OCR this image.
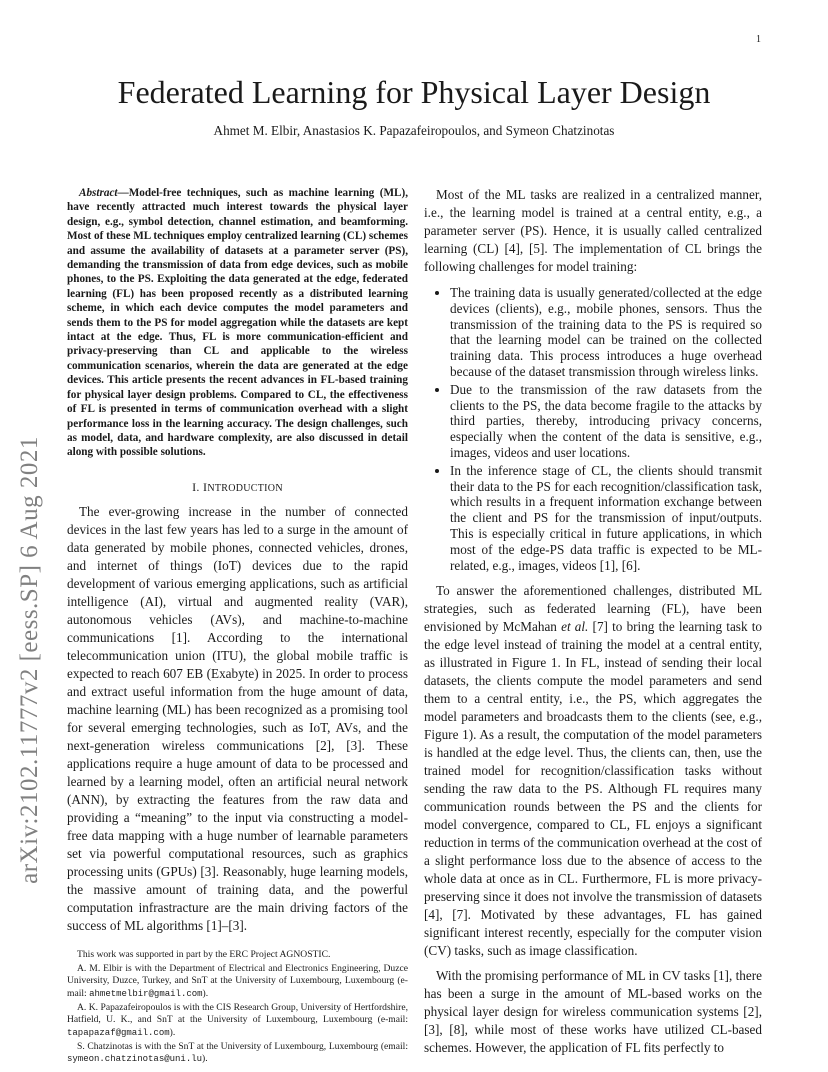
1
arXiv:2102.11777v2 [eess.SP] 6 Aug 2021
Federated Learning for Physical Layer Design
Ahmet M. Elbir, Anastasios K. Papazafeiropoulos, and Symeon Chatzinotas

Abstract—Model-free techniques, such as machine learning (ML), have recently attracted much interest towards the physical layer design, e.g., symbol detection, channel estimation, and beamforming. Most of these ML techniques employ centralized learning (CL) schemes and assume the availability of datasets at a parameter server (PS), demanding the transmission of data from edge devices, such as mobile phones, to the PS. Exploiting the data generated at the edge, federated learning (FL) has been proposed recently as a distributed learning scheme, in which each device computes the model parameters and sends them to the PS for model aggregation while the datasets are kept intact at the edge. Thus, FL is more communication-efficient and privacy-preserving than CL and applicable to the wireless communication scenarios, wherein the data are generated at the edge devices. This article presents the recent advances in FL-based training for physical layer design problems. Compared to CL, the effectiveness of FL is presented in terms of communication overhead with a slight performance loss in the learning accuracy. The design challenges, such as model, data, and hardware complexity, are also discussed in detail along with possible solutions.

I. INTRODUCTION

The ever-growing increase in the number of connected devices in the last few years has led to a surge in the amount of data generated by mobile phones, connected vehicles, drones, and internet of things (IoT) devices due to the rapid development of various emerging applications, such as artificial intelligence (AI), virtual and augmented reality (VAR), autonomous vehicles (AVs), and machine-to-machine communications [1]. According to the international telecommunication union (ITU), the global mobile traffic is expected to reach 607 EB (Exabyte) in 2025. In order to process and extract useful information from the huge amount of data, machine learning (ML) has been recognized as a promising tool for several emerging technologies, such as IoT, AVs, and the next-generation wireless communications [2], [3]. These applications require a huge amount of data to be processed and learned by a learning model, often an artificial neural network (ANN), by extracting the features from the raw data and providing a “meaning” to the input via constructing a model-free data mapping with a huge number of learnable parameters set via powerful computational resources, such as graphics processing units (GPUs) [3]. Reasonably, huge learning models, the massive amount of training data, and the powerful computation infrastracture are the main driving factors of the success of ML algorithms [1]–[3].

This work was supported in part by the ERC Project AGNOSTIC.

A. M. Elbir is with the Department of Electrical and Electronics Engineering, Duzce University, Duzce, Turkey, and SnT at the University of Luxembourg, Luxembourg (e-mail: ahmetmelbir@gmail.com).

A. K. Papazafeiropoulos is with the CIS Research Group, University of Hertfordshire, Hatfield, U. K., and SnT at the University of Luxembourg, Luxembourg (e-mail: tapapazaf@gmail.com).

S. Chatzinotas is with the SnT at the University of Luxembourg, Luxembourg (email: symeon.chatzinotas@uni.lu).

Most of the ML tasks are realized in a centralized manner, i.e., the learning model is trained at a central entity, e.g., a parameter server (PS). Hence, it is usually called centralized learning (CL) [4], [5]. The implementation of CL brings the following challenges for model training:

• The training data is usually generated/collected at the edge devices (clients), e.g., mobile phones, sensors. Thus the transmission of the training data to the PS is required so that the learning model can be trained on the collected training data. This process introduces a huge overhead because of the dataset transmission through wireless links.
• Due to the transmission of the raw datasets from the clients to the PS, the data become fragile to the attacks by third parties, thereby, introducing privacy concerns, especially when the content of the data is sensitive, e.g., images, videos and user locations.
• In the inference stage of CL, the clients should transmit their data to the PS for each recognition/classification task, which results in a frequent information exchange between the client and PS for the transmission of input/outputs. This is especially critical in future applications, in which most of the edge-PS data traffic is expected to be ML-related, e.g., images, videos [1], [6].

To answer the aforementioned challenges, distributed ML strategies, such as federated learning (FL), have been envisioned by McMahan et al. [7] to bring the learning task to the edge level instead of training the model at a central entity, as illustrated in Figure 1. In FL, instead of sending their local datasets, the clients compute the model parameters and send them to a central entity, i.e., the PS, which aggregates the model parameters and broadcasts them to the clients (see, e.g., Figure 1). As a result, the computation of the model parameters is handled at the edge level. Thus, the clients can, then, use the trained model for recognition/classification tasks without sending the raw data to the PS. Although FL requires many communication rounds between the PS and the clients for model convergence, compared to CL, FL enjoys a significant reduction in terms of the communication overhead at the cost of a slight performance loss due to the absence of access to the whole data at once as in CL. Furthermore, FL is more privacy-preserving since it does not involve the transmission of datasets [4], [7]. Motivated by these advantages, FL has gained significant interest recently, especially for the computer vision (CV) tasks, such as image classification.

With the promising performance of ML in CV tasks [1], there has been a surge in the amount of ML-based works on the physical layer design for wireless communication systems [2], [3], [8], while most of these works have utilized CL-based schemes. However, the application of FL fits perfectly to
